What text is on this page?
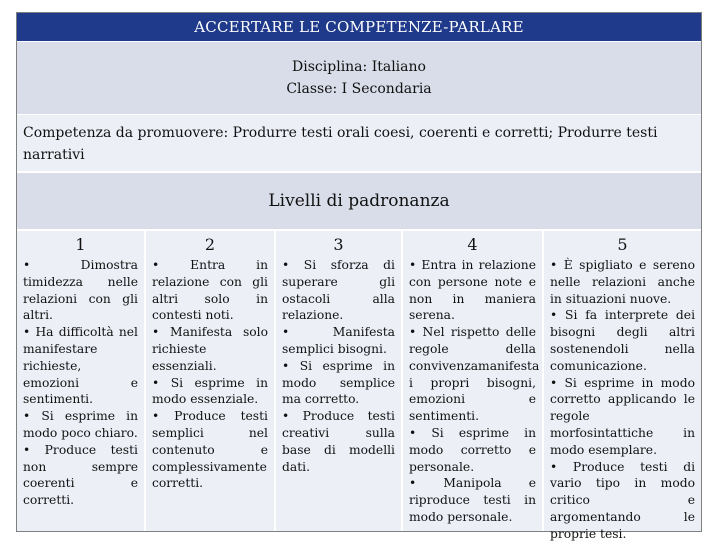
ACCERTARE LE COMPETENZE-PARLARE
Disciplina: Italiano
Classe: I Secondaria
Competenza da promuovere: Produrre testi orali coesi, coerenti e corretti; Produrre testi narrativi
Livelli di padronanza
1

• Dimostra timidezza nelle relazioni con gli altri.

• Ha difficoltà nel manifestare richieste, emozioni e sentimenti.

• Si esprime in modo poco chiaro.

• Produce testi non sempre coerenti e corretti.

2

• Entra in relazione con gli altri solo in contesti noti.

• Manifesta solo richieste essenziali.

• Si esprime in modo essenziale.

• Produce testi semplici nel contenuto e complessivamente corretti.

3

• Si sforza di superare gli ostacoli alla relazione.

• Manifesta semplici bisogni.

• Si esprime in modo semplice ma corretto.

• Produce testi creativi sulla base di modelli dati.

4

• Entra in relazione con persone note e non in maniera serena.

• Nel rispetto delle regole della convivenzamanifesta i propri bisogni, emozioni e sentimenti.

• Si esprime in modo corretto e personale.

• Manipola e riproduce testi in modo personale.

5

• È spigliato e sereno nelle relazioni anche in situazioni nuove.

• Si fa interprete dei bisogni degli altri sostenendoli nella comunicazione.

• Si esprime in modo corretto applicando le regole morfosintattiche in modo esemplare.

• Produce testi di vario tipo in modo critico e argomentando le proprie tesi.
